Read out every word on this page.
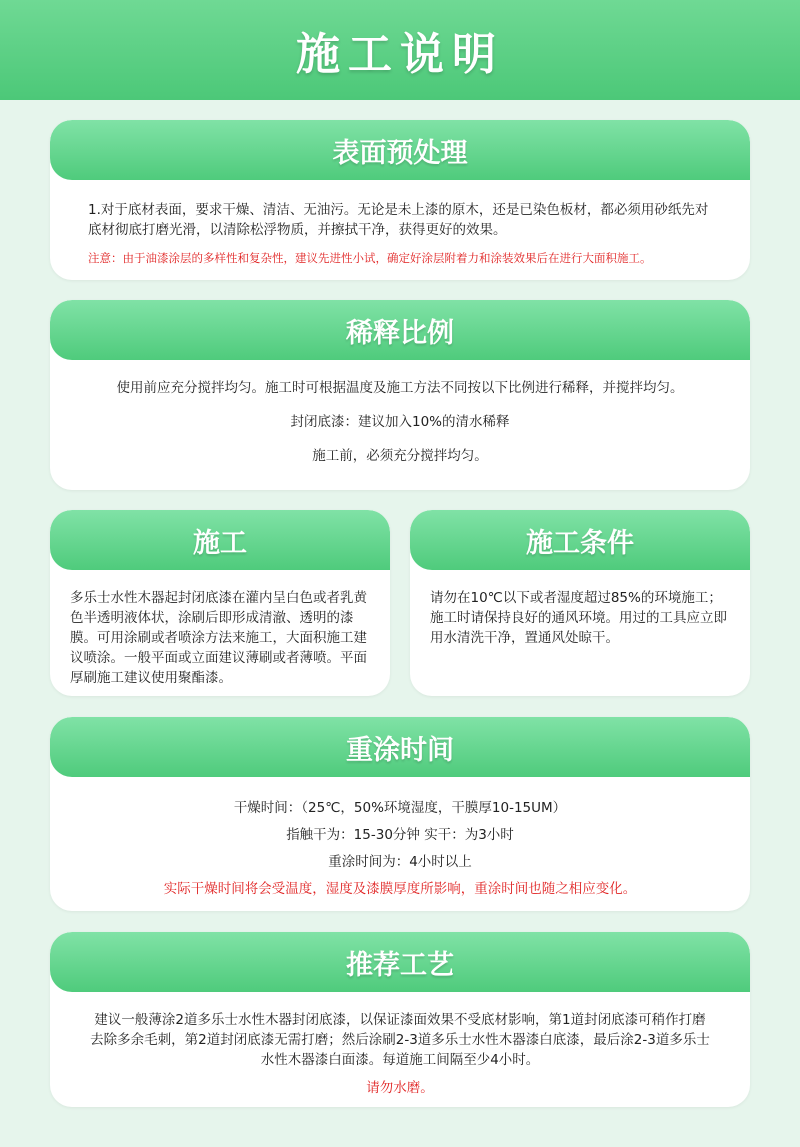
施工说明
表面预处理

1.对于底材表面，要求干燥、清洁、无油污。无论是未上漆的原木，还是已染色板材，都必须用砂纸先对底材彻底打磨光滑，以清除松浮物质，并擦拭干净，获得更好的效果。

注意：由于油漆涂层的多样性和复杂性，建议先进性小试，确定好涂层附着力和涂装效果后在进行大面积施工。

稀释比例

使用前应充分搅拌均匀。施工时可根据温度及施工方法不同按以下比例进行稀释，并搅拌均匀。

封闭底漆：建议加入10%的清水稀释

施工前，必须充分搅拌均匀。

施工

多乐士水性木器起封闭底漆在灌内呈白色或者乳黄色半透明液体状，涂刷后即形成清澈、透明的漆膜。可用涂刷或者喷涂方法来施工，大面积施工建议喷涂。一般平面或立面建议薄刷或者薄喷。平面厚刷施工建议使用聚酯漆。

施工条件

请勿在10℃以下或者湿度超过85%的环境施工；施工时请保持良好的通风环境。用过的工具应立即用水清洗干净，置通风处晾干。

重涂时间

干燥时间：（25℃，50%环境湿度，干膜厚10-15UM）

指触干为：15-30分钟 实干：为3小时

重涂时间为：4小时以上

实际干燥时间将会受温度，湿度及漆膜厚度所影响，重涂时间也随之相应变化。

推荐工艺

建议一般薄涂2道多乐士水性木器封闭底漆，以保证漆面效果不受底材影响，第1道封闭底漆可稍作打磨去除多余毛刺，第2道封闭底漆无需打磨；然后涂刷2-3道多乐士水性木器漆白底漆，最后涂2-3道多乐士水性木器漆白面漆。每道施工间隔至少4小时。

请勿水磨。
